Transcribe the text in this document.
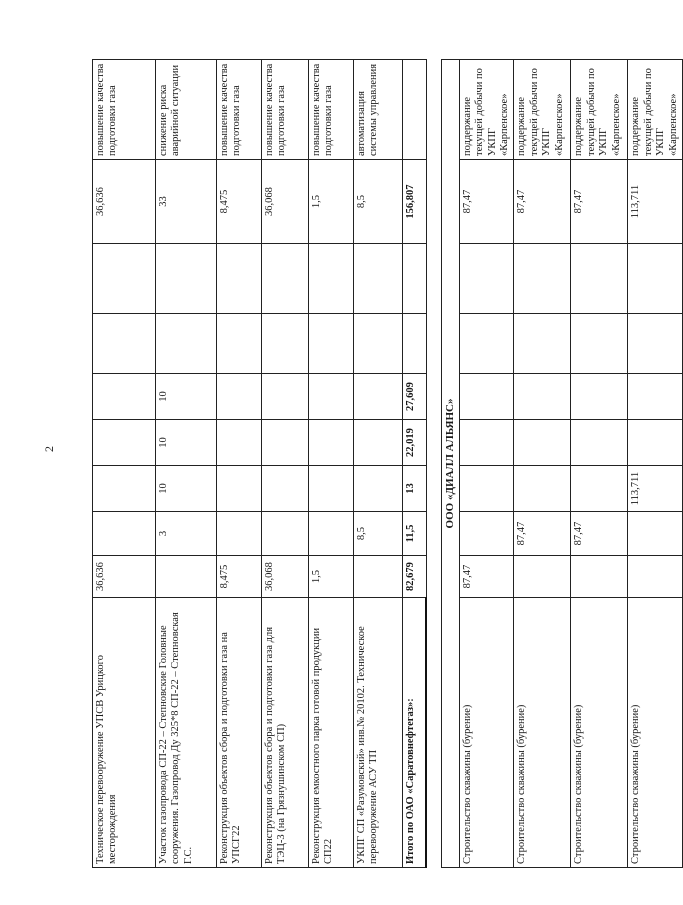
2
Техническое перевооружение УПСВ Урицкого месторождения	36,636							36,636	повышение качества подготовки газа
Участок газопровода СП-22 – Степновские Головные сооружения. Газопровод Ду 325*8 СП-22 – Степновская Г.С.		3	10	10	10			33	снижение риска аварийной ситуации
Реконструкция объектов сбора и подготовки газа на УПСГ22	8,475							8,475	повышение качества подготовки газа
Реконструкция объектов сбора и подготовки газа для ТЭЦ-3 (на Грязнушинском СП)	36,068							36,068	повышение качества подготовки газа
Реконструкция емкостного парка готовой продукции СП22	1,5							1,5	повышение качества подготовки газа
УКПГ СП «Разумовский» инв.№ 20102. Техническое перевооружение АСУ ТП		8,5						8,5	автоматизация системы управления
Итого по ОАО «Саратовнефтегаз»:	82,679	11,5	13	22,019	27,609			156,807	

ООО «ДИАЛЛ АЛЬЯНС»									
Строительство скважины (бурение)	87,47							87,47	поддержание текущей добычи по УКПГ «Карпенское»
Строительство скважины (бурение)		87,47						87,47	поддержание текущей добычи по УКПГ «Карпенское»
Строительство скважины (бурение)		87,47						87,47	поддержание текущей добычи по УКПГ «Карпенское»
Строительство скважины (бурение)			113,711					113,711	поддержание текущей добычи по УКПГ «Карпенское»
